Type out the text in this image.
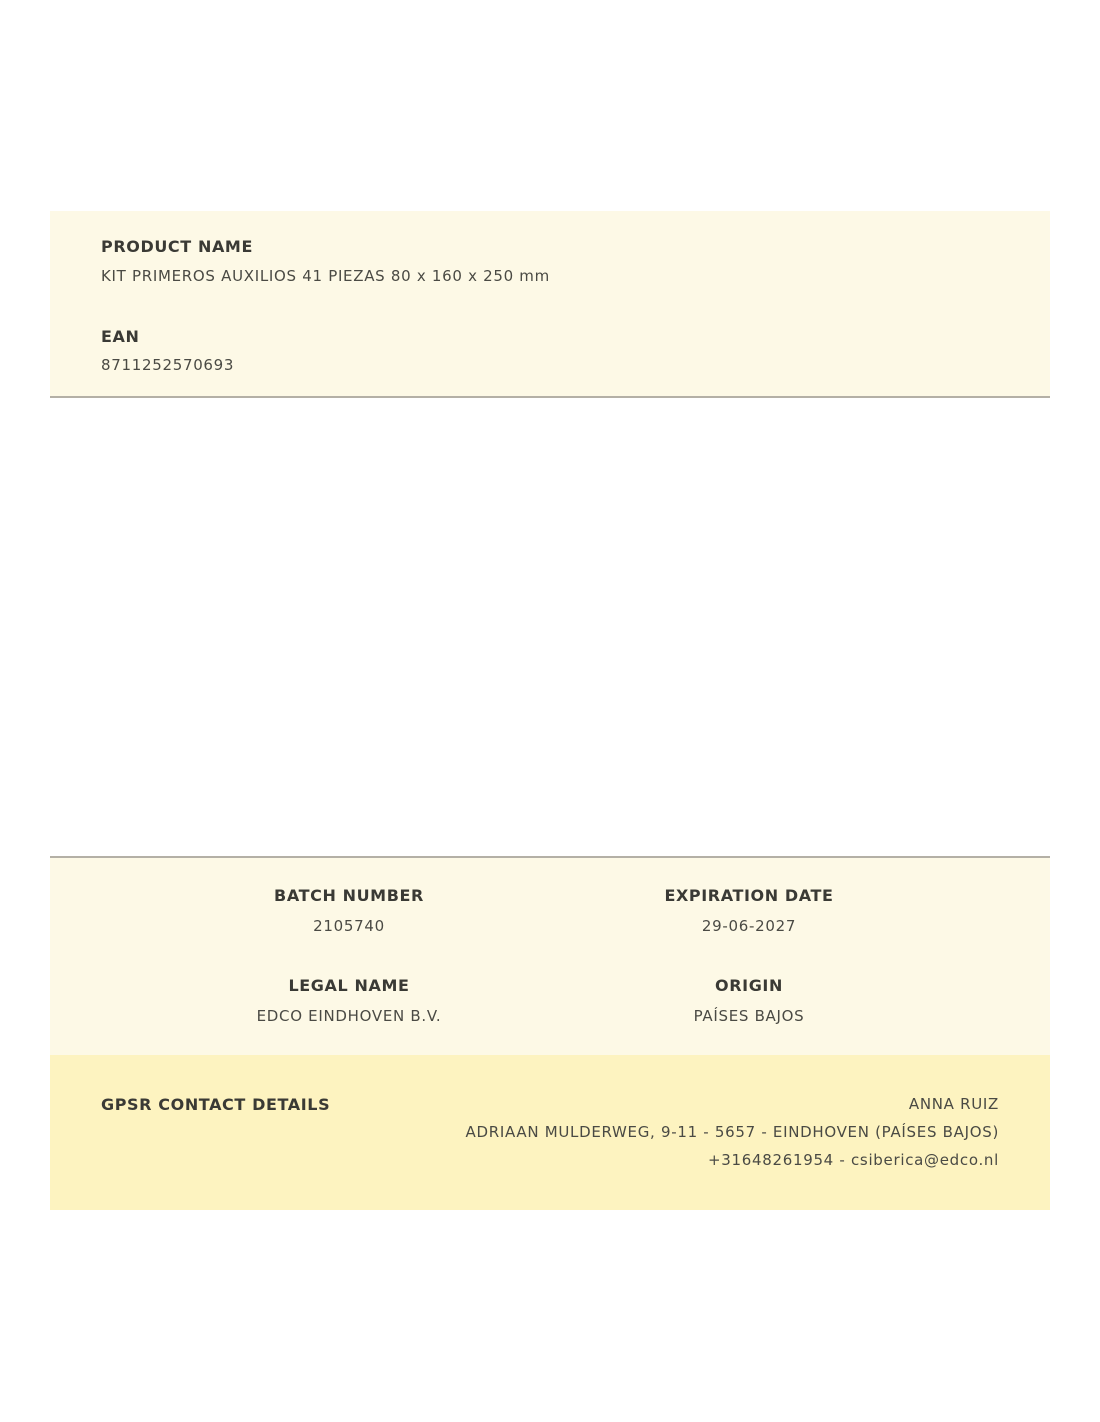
PRODUCT NAME
KIT PRIMEROS AUXILIOS 41 PIEZAS 80 x 160 x 250 mm
EAN
8711252570693
BATCH NUMBER
2105740
EXPIRATION DATE
29-06-2027
LEGAL NAME
EDCO EINDHOVEN B.V.
ORIGIN
PAÍSES BAJOS
GPSR CONTACT DETAILS	ANNA RUIZ
ADRIAAN MULDERWEG, 9-11 - 5657 - EINDHOVEN (PAÍSES BAJOS)
+31648261954 - csiberica@edco.nl
